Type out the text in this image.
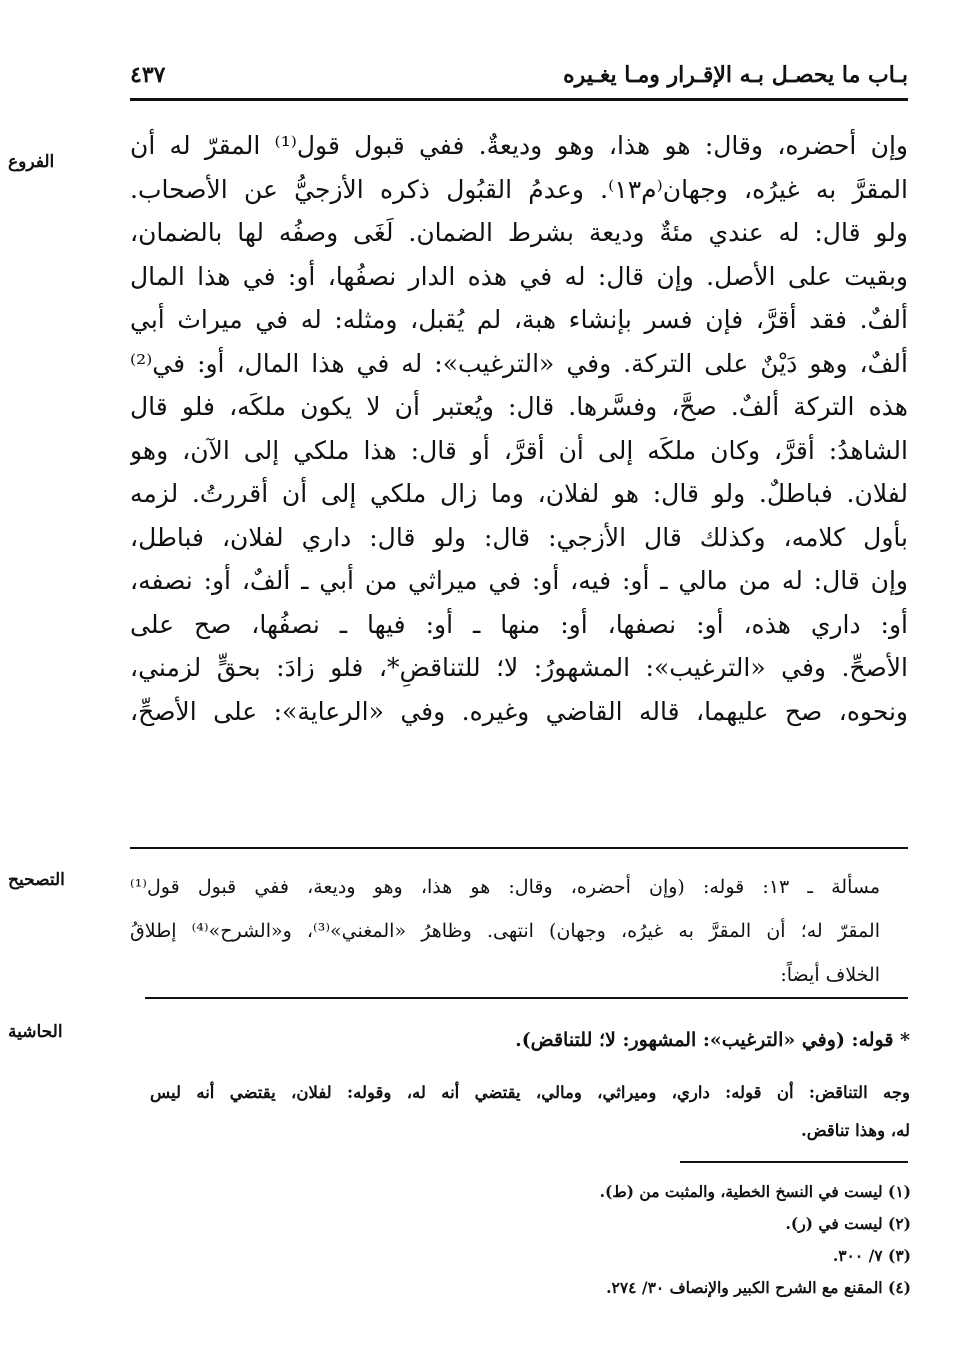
بـاب ما يحصـل بـه الإقـرار ومـا يغـيره
٤٣٧
الفروع
التصحيح
الحاشية
وإن أحضره، وقال: هو هذا، وهو وديعةٌ. ففي قبول قول⁽¹⁾ المقرّ له أن
المقرَّ به غيرُه، وجهان⁽م١٣⁾. وعدمُ القبُول ذكره الأزجيُّ عن الأصحاب.
ولو قال: له عندي مئةٌ وديعة بشرط الضمان. لَغَى وصفُه لها بالضمان،
وبقيت على الأصل. وإن قال: له في هذه الدار نصفُها، أو: في هذا المال
ألفٌ. فقد أقرَّ، فإن فسر بإنشاء هبة، لم يُقبل، ومثله: له في ميراث أبي
ألفٌ، وهو دَيْنٌ على التركة. وفي «الترغيب»: له في هذا المال، أو: في⁽²⁾
هذه التركة ألفٌ. صحَّ، وفسَّرها. قال: ويُعتبر أن لا يكون ملكَه، فلو قال
الشاهدُ: أقرَّ، وكان ملكَه إلى أن أقرَّ، أو قال: هذا ملكي إلى الآن، وهو
لفلان. فباطلٌ. ولو قال: هو لفلان، وما زال ملكي إلى أن أقررتُ. لزمه
بأول كلامه، وكذلك قال الأزجي: قال: ولو قال: داري لفلان، فباطل،
وإن قال: له من مالي ـ أو: فيه، أو: في ميراثي من أبي ـ ألفٌ، أو: نصفه،
أو: داري هذه، أو: نصفها، أو: منها ـ أو: فيها ـ نصفُها، صح على
الأصحِّ. وفي «الترغيب»: المشهورُ: لا؛ للتناقضِ*، فلو زادَ: بحقٍّ لزمني،
ونحوه، صح عليهما، قاله القاضي وغيره. وفي «الرعاية»: على الأصحِّ،
مسألة ـ ١٣: قوله: (وإن أحضره، وقال: هو هذا، وهو وديعة، ففي قبول قول⁽¹⁾
المقرّ له؛ أن المقرَّ به غيرُه، وجهان) انتهى. وظاهرُ «المغني»⁽³⁾، و«الشرح»⁽⁴⁾ إطلاقُ
الخلاف أيضاً:
* قوله: (وفي «الترغيب»: المشهور: لا؛ للتناقض).
وجه التناقض: أن قوله: داري، وميراثي، ومالي، يقتضي أنه له، وقوله: لفلان، يقتضي أنه ليس
له، وهذا تناقض.
(١) ليست في النسخ الخطية، والمثبت من (ط).
(٢) ليست في (ر).
(٣) ٧/ ٣٠٠.
(٤) المقنع مع الشرح الكبير والإنصاف ٣٠/ ٢٧٤.
